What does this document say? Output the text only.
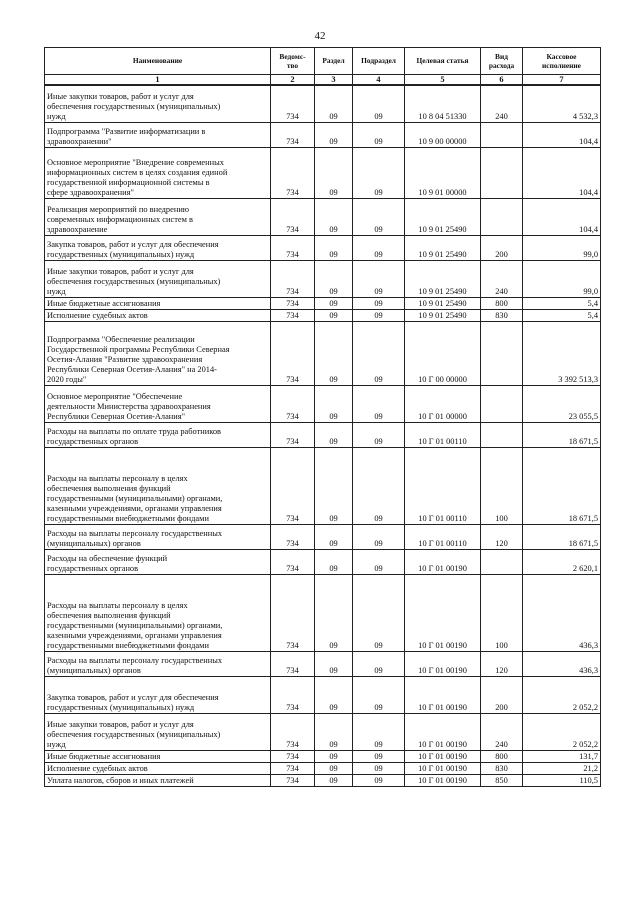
42
Наименование	Ведомс-
тво	Раздел	Подраздел	Целевая статья	Вид
расхода	Кассовое
исполнение
1	2	3	4	5	6	7
Иные закупки товаров, работ и услуг для
обеспечения государственных (муниципальных)
нужд	734	09	09	10 8 04 51330	240	4 532,3
Подпрограмма "Развитие информатизации в
здравоохранении"	734	09	09	10 9 00 00000		104,4
Основное мероприятие "Внедрение современных
информационных систем в целях создания единой
государственной информационной системы в
сфере здравоохранения"	734	09	09	10 9 01 00000		104,4
Реализация мероприятий по внедрению
современных информационных систем в
здравоохранение	734	09	09	10 9 01 25490		104,4
Закупка товаров, работ и услуг для обеспечения
государственных (муниципальных) нужд	734	09	09	10 9 01 25490	200	99,0
Иные закупки товаров, работ и услуг для
обеспечения государственных (муниципальных)
нужд	734	09	09	10 9 01 25490	240	99,0
Иные бюджетные ассигнования	734	09	09	10 9 01 25490	800	5,4
Исполнение судебных актов	734	09	09	10 9 01 25490	830	5,4
Подпрограмма "Обеспечение реализации
Государственной программы Республики Северная
Осетия-Алания "Развитие здравоохранения
Республики Северная Осетия-Алания" на 2014-
2020 годы"	734	09	09	10 Г 00 00000		3 392 513,3
Основное мероприятие "Обеспечение
деятельности Министерства здравоохранения
Республики Северная Осетия-Алания"	734	09	09	10 Г 01 00000		23 055,5
Расходы на выплаты по оплате труда работников
государственных органов	734	09	09	10 Г 01 00110		18 671,5
Расходы на выплаты персоналу в целях
обеспечения выполнения функций
государственными (муниципальными) органами,
казенными учреждениями, органами управления
государственными внебюджетными фондами	734	09	09	10 Г 01 00110	100	18 671,5
Расходы на выплаты персоналу государственных
(муниципальных) органов	734	09	09	10 Г 01 00110	120	18 671,5
Расходы на обеспечение функций
государственных органов	734	09	09	10 Г 01 00190		2 620,1
Расходы на выплаты персоналу в целях
обеспечения выполнения функций
государственными (муниципальными) органами,
казенными учреждениями, органами управления
государственными внебюджетными фондами	734	09	09	10 Г 01 00190	100	436,3
Расходы на выплаты персоналу государственных
(муниципальных) органов	734	09	09	10 Г 01 00190	120	436,3
Закупка товаров, работ и услуг для обеспечения
государственных (муниципальных) нужд	734	09	09	10 Г 01 00190	200	2 052,2
Иные закупки товаров, работ и услуг для
обеспечения государственных (муниципальных)
нужд	734	09	09	10 Г 01 00190	240	2 052,2
Иные бюджетные ассигнования	734	09	09	10 Г 01 00190	800	131,7
Исполнение судебных актов	734	09	09	10 Г 01 00190	830	21,2
Уплата налогов, сборов и иных платежей	734	09	09	10 Г 01 00190	850	110,5
